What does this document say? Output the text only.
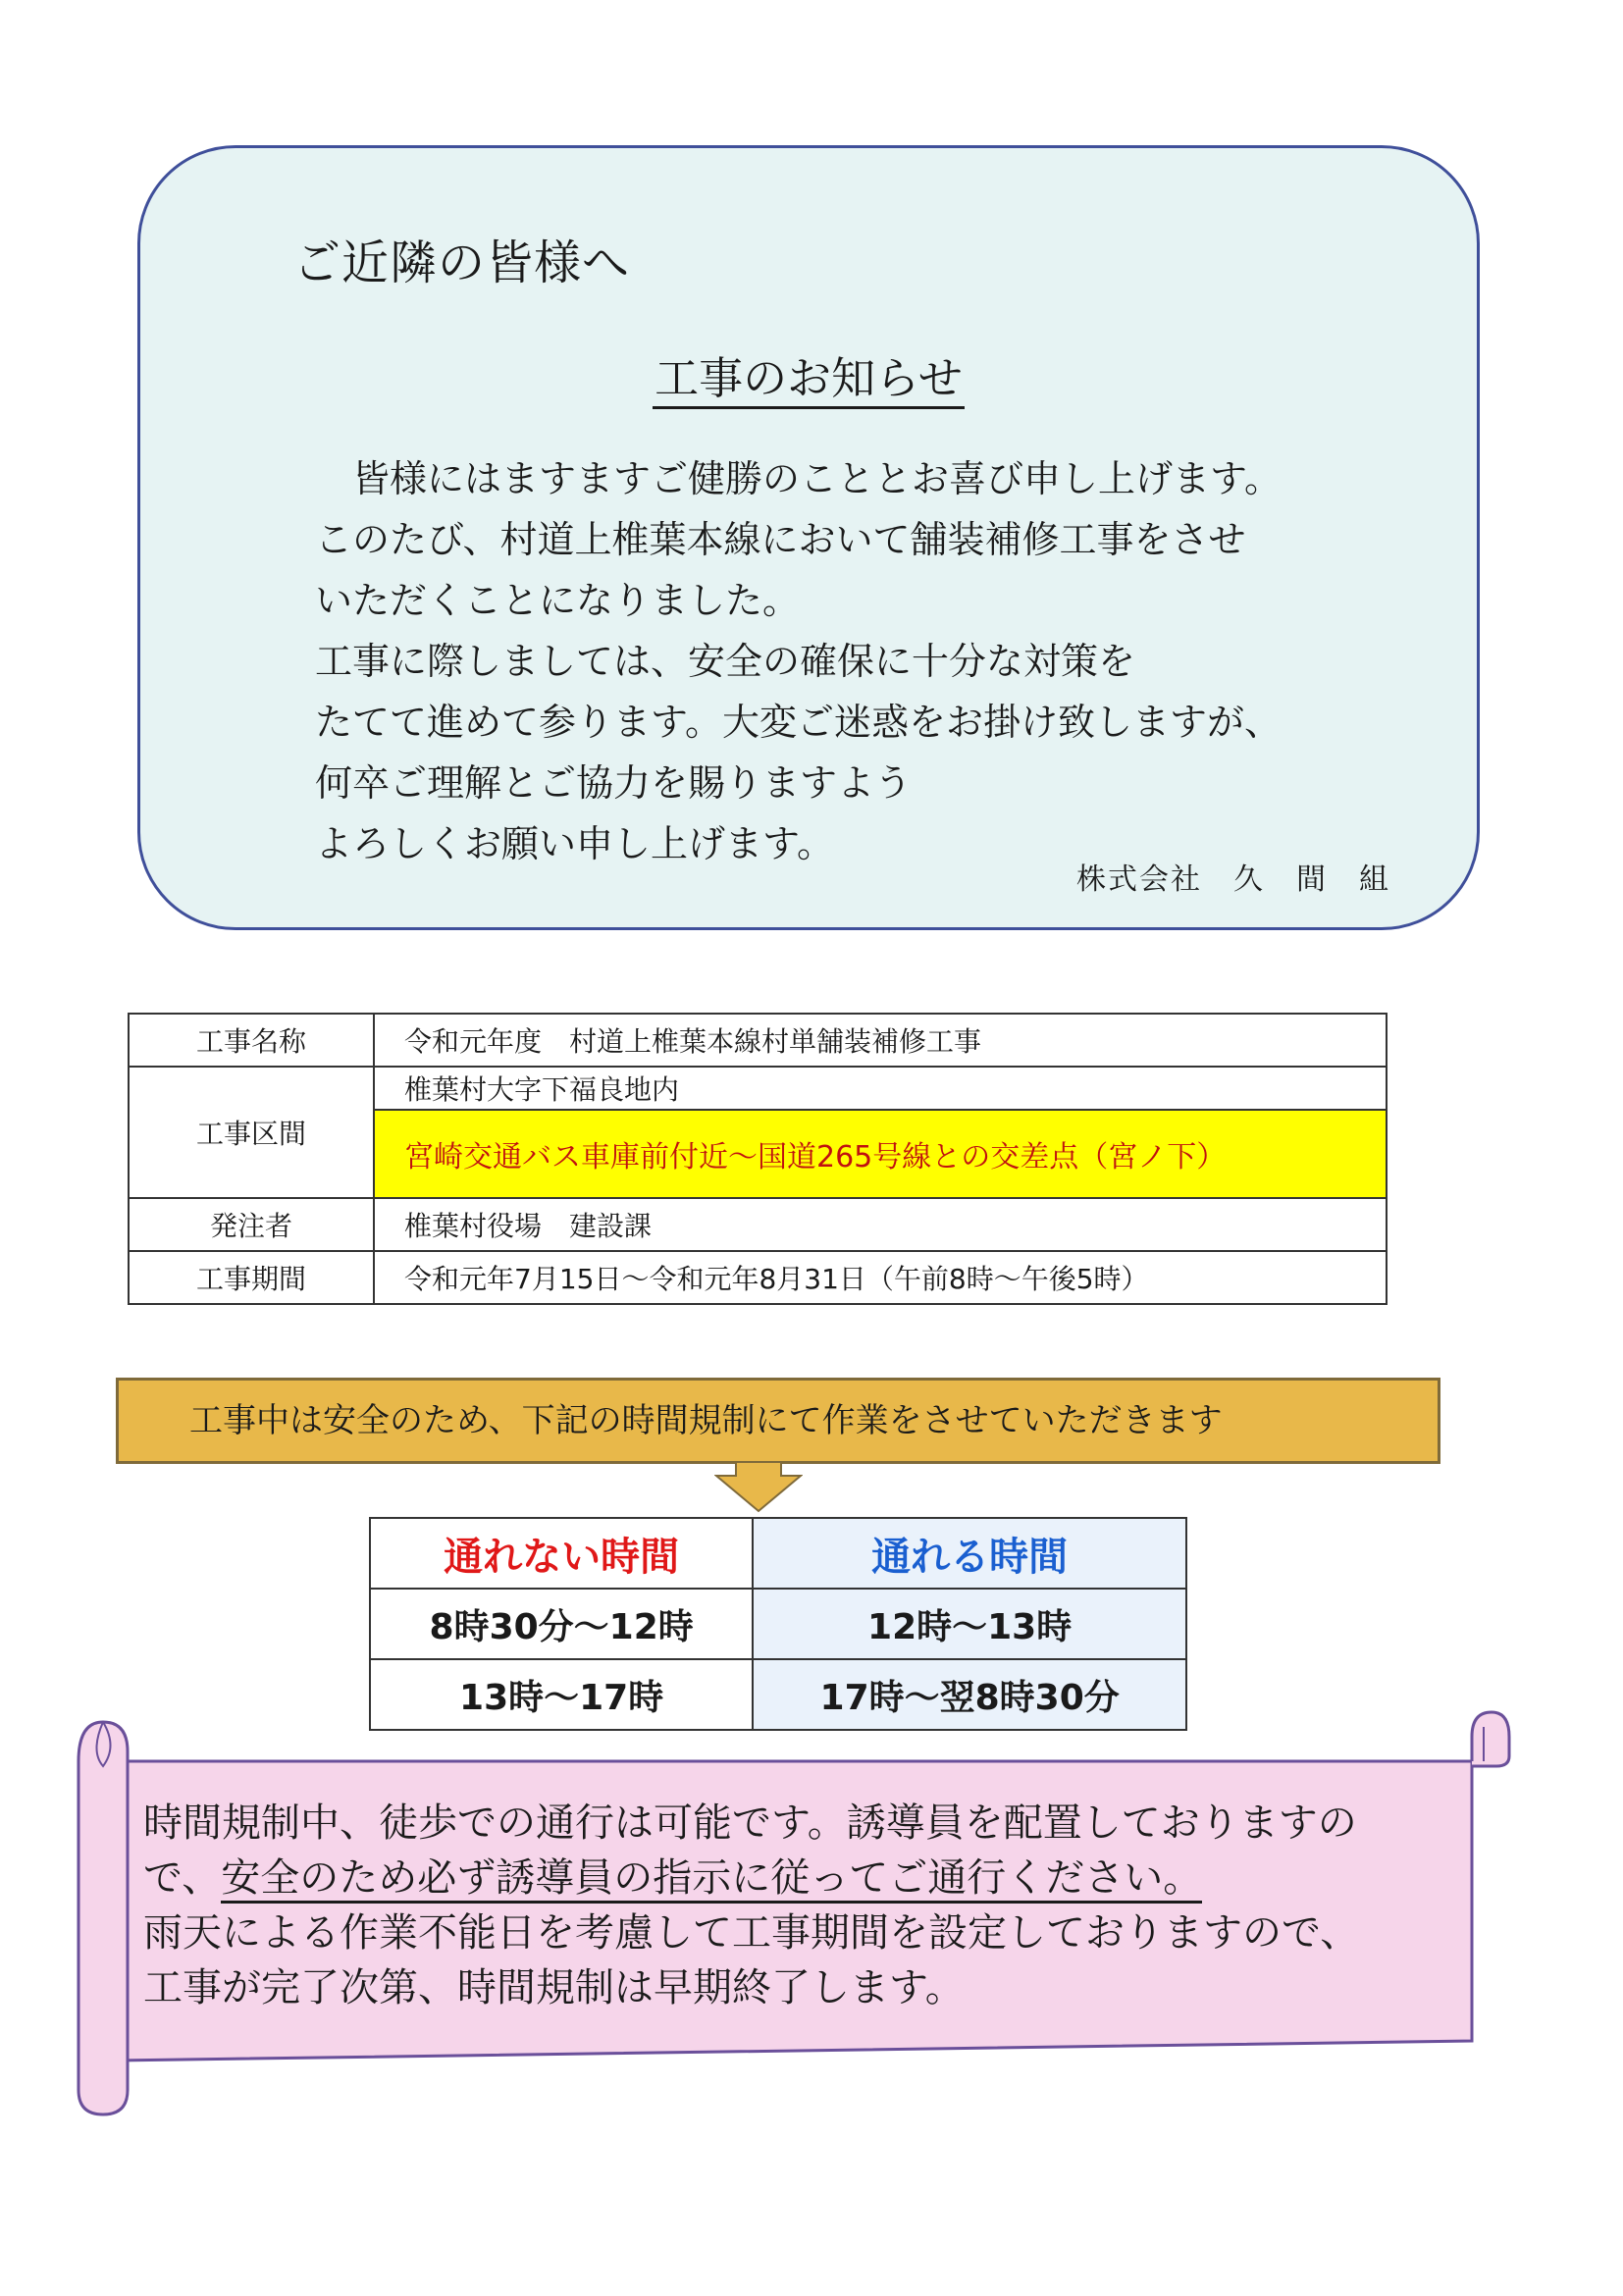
ご近隣の皆様へ
工事のお知らせ
皆様にはますますご健勝のこととお喜び申し上げます。
このたび、村道上椎葉本線において舗装補修工事をさせ
いただくことになりました。
工事に際しましては、安全の確保に十分な対策を
たてて進めて参ります。大変ご迷惑をお掛け致しますが、
何卒ご理解とご協力を賜りますよう
よろしくお願い申し上げます。
株式会社　久　間　組
工事名称	令和元年度　村道上椎葉本線村単舗装補修工事
工事区間	椎葉村大字下福良地内
	宮崎交通バス車庫前付近～国道265号線との交差点（宮ノ下）
発注者	椎葉村役場　建設課
工事期間	令和元年7月15日～令和元年8月31日（午前8時～午後5時）
工事中は安全のため、下記の時間規制にて作業をさせていただきます
通れない時間	通れる時間
8時30分～12時	12時～13時
13時～17時	17時～翌8時30分
時間規制中、徒歩での通行は可能です。誘導員を配置しておりますの
で、安全のため必ず誘導員の指示に従ってご通行ください。
雨天による作業不能日を考慮して工事期間を設定しておりますので、
工事が完了次第、時間規制は早期終了します。
